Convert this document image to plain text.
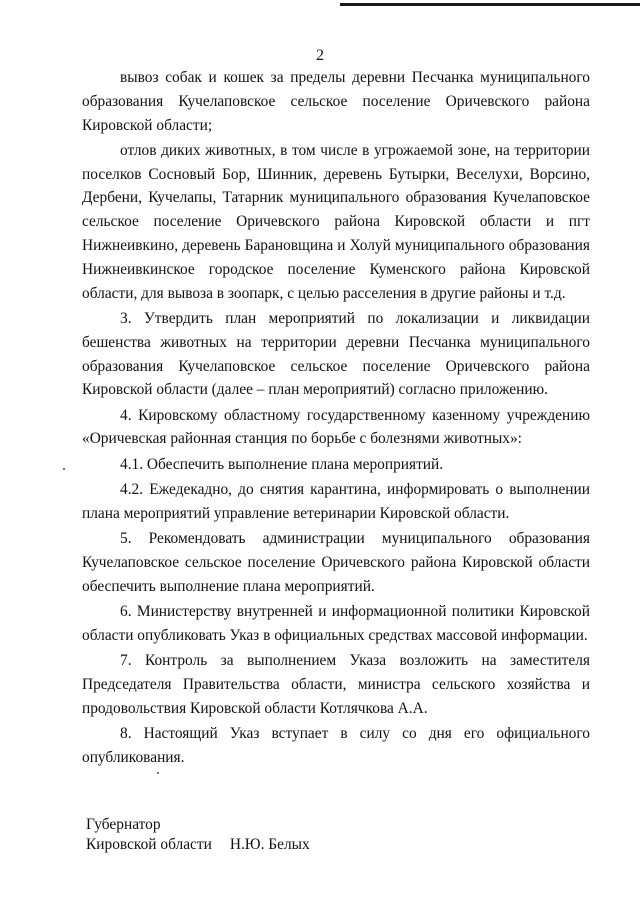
2

вывоз собак и кошек за пределы деревни Песчанка муниципального образования Кучелаповское сельское поселение Оричевского района Кировской области;

отлов диких животных, в том числе в угрожаемой зоне, на территории поселков Сосновый Бор, Шинник, деревень Бутырки, Веселухи, Ворсино, Дербени, Кучелапы, Татарник муниципального образования Кучелаповское сельское поселение Оричевского района Кировской области и пгт Нижнеивкино, деревень Барановщина и Холуй муниципального образования Нижнеивкинское городское поселение Куменского района Кировской области, для вывоза в зоопарк, с целью расселения в другие районы и т.д.

3. Утвердить план мероприятий по локализации и ликвидации бешенства животных на территории деревни Песчанка муниципального образования Кучелаповское сельское поселение Оричевского района Кировской области (далее – план мероприятий) согласно приложению.

4. Кировскому областному государственному казенному учреждению «Оричевская районная станция по борьбе с болезнями животных»:

4.1. Обеспечить выполнение плана мероприятий.

4.2. Ежедекадно, до снятия карантина, информировать о выполнении плана мероприятий управление ветеринарии Кировской области.

5. Рекомендовать администрации муниципального образования Кучелаповское сельское поселение Оричевского района Кировской области обеспечить выполнение плана мероприятий.

6. Министерству внутренней и информационной политики Кировской области опубликовать Указ в официальных средствах массовой информации.

7. Контроль за выполнением Указа возложить на заместителя Председателя Правительства области, министра сельского хозяйства и продовольствия Кировской области Котлячкова А.А.

8. Настоящий Указ вступает в силу со дня его официального опубликования.

Губернатор
Кировской области Н.Ю. Белых
